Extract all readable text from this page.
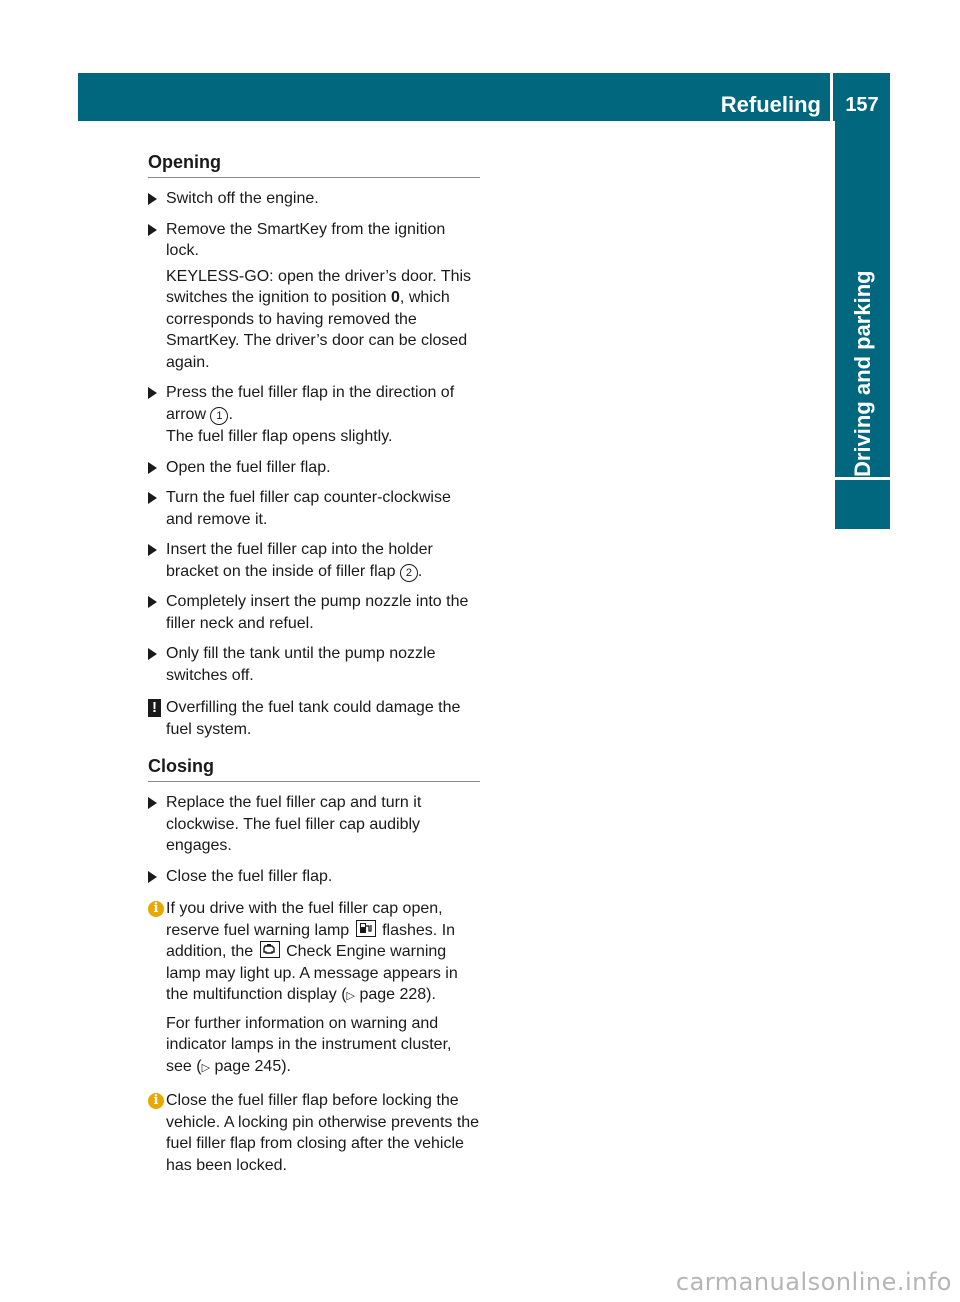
Refueling	157
Driving and parking
Opening

Switch off the engine.

Remove the SmartKey from the ignition lock.

KEYLESS-GO: open the driver’s door. This switches the ignition to position 0, which corresponds to having removed the SmartKey. The driver’s door can be closed again.

Press the fuel filler flap in the direction of arrow 1 .

The fuel filler flap opens slightly.

Open the fuel filler flap.

Turn the fuel filler cap counter-clockwise and remove it.

Insert the fuel filler cap into the holder bracket on the inside of filler flap 2 .

Completely insert the pump nozzle into the filler neck and refuel.

Only fill the tank until the pump nozzle switches off.

! Overfilling the fuel tank could damage the fuel system.

Closing

Replace the fuel filler cap and turn it clockwise. The fuel filler cap audibly engages.

Close the fuel filler flap.

i If you drive with the fuel filler cap open, reserve fuel warning lamp flashes. In addition, the Check Engine warning lamp may light up. A message appears in the multifunction display (▷ page 228).

For further information on warning and indicator lamps in the instrument cluster, see (▷ page 245).

i Close the fuel filler flap before locking the vehicle. A locking pin otherwise prevents the fuel filler flap from closing after the vehicle has been locked.

carmanualsonline.info
